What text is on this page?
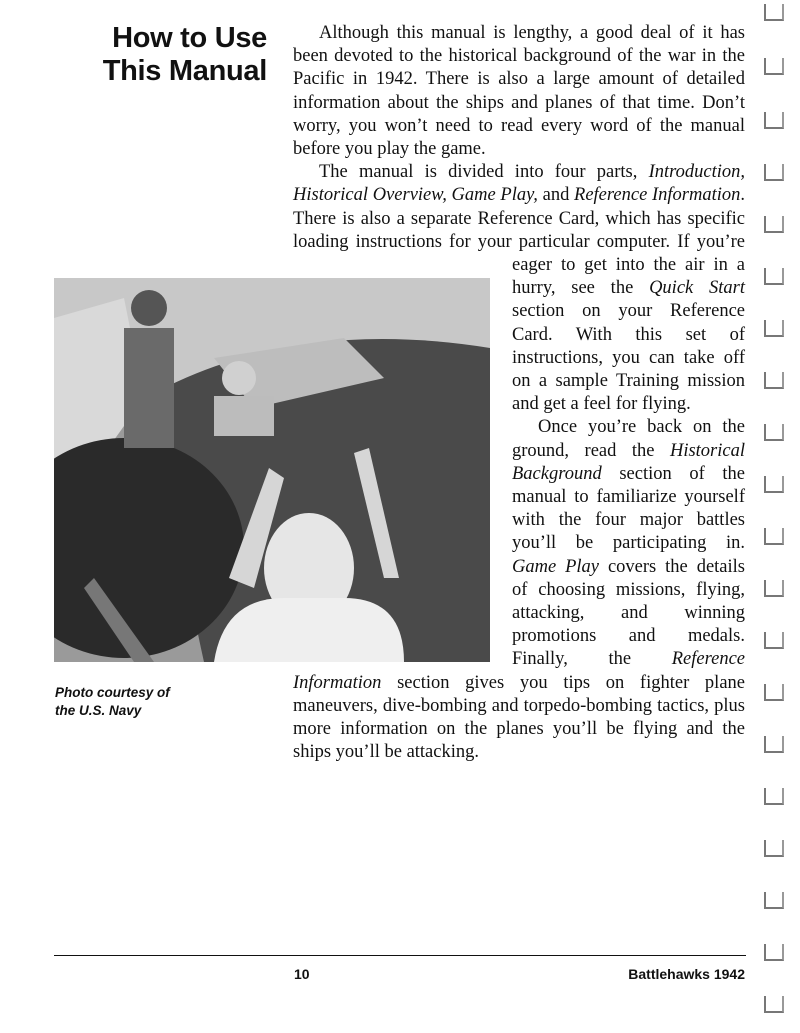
How to Use
This Manual

Although this manual is lengthy, a good deal of it has been devoted to the historical background of the war in the Pacific in 1942. There is also a large amount of detailed information about the ships and planes of that time. Don’t worry, you won’t need to read every word of the manual before you play the game.

The manual is divided into four parts, Introduction, Historical Overview, Game Play, and Reference Information. There is also a separate Reference Card, which has specific loading instructions for your particular computer. If you’re eager to get into the air in a hurry, see the Quick Start section on your Reference Card. With this set of instructions, you can take off on a sample Training mission and get a feel for flying.

Once you’re back on the ground, read the Historical Background section of the manual to familiarize yourself with the four major battles you’ll be participating in. Game Play covers the details of choosing missions, flying, attacking, and winning promotions and medals. Finally, the Reference Information section gives you tips on fighter plane maneuvers, dive-bombing and torpedo-bombing tactics, plus more information on the planes you’ll be flying and the ships you’ll be attacking.

Photo courtesy of
the U.S. Navy
10	Battlehawks 1942
